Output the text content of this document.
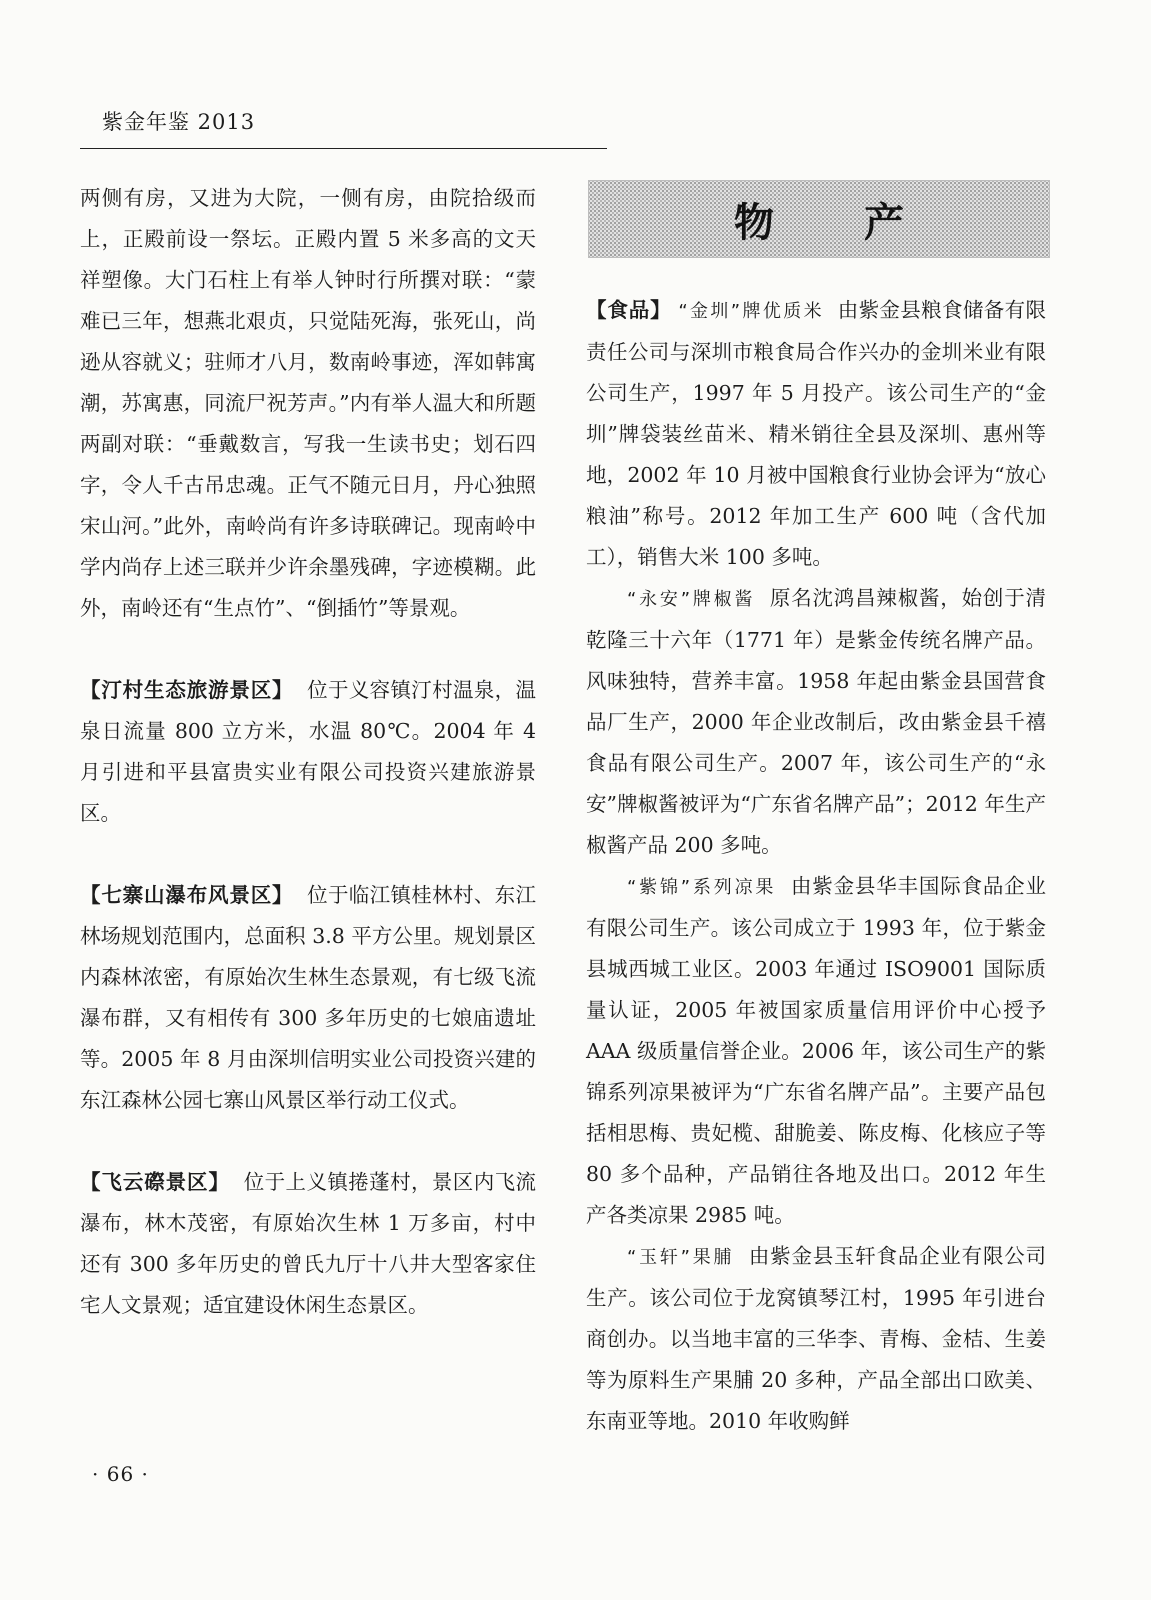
紫金年鉴 2013

两侧有房，又进为大院，一侧有房，由院拾级而上，正殿前设一祭坛。正殿内置 5 米多高的文天祥塑像。大门石柱上有举人钟时行所撰对联：“蒙难已三年，想燕北艰贞，只觉陆死海，张死山，尚逊从容就义；驻师才八月，数南岭事迹，浑如韩寓潮，苏寓惠，同流尸祝芳声。”内有举人温大和所题两副对联：“垂戴数言，写我一生读书史；划石四字，令人千古吊忠魂。正气不随元日月，丹心独照宋山河。”此外，南岭尚有许多诗联碑记。现南岭中学内尚存上述三联并少许余墨残碑，字迹模糊。此外，南岭还有“生点竹”、“倒插竹”等景观。

【汀村生态旅游景区】 位于义容镇汀村温泉，温泉日流量 800 立方米，水温 80℃。2004 年 4 月引进和平县富贵实业有限公司投资兴建旅游景区。

【七寨山瀑布风景区】 位于临江镇桂林村、东江林场规划范围内，总面积 3.8 平方公里。规划景区内森林浓密，有原始次生林生态景观，有七级飞流瀑布群，又有相传有 300 多年历史的七娘庙遗址等。2005 年 8 月由深圳信明实业公司投资兴建的东江森林公园七寨山风景区举行动工仪式。

【飞云磜景区】 位于上义镇捲蓬村，景区内飞流瀑布，林木茂密，有原始次生林 1 万多亩，村中还有 300 多年历史的曾氏九厅十八井大型客家住宅人文景观；适宜建设休闲生态景区。

物产

【食品】 “金圳”牌优质米 由紫金县粮食储备有限责任公司与深圳市粮食局合作兴办的金圳米业有限公司生产，1997 年 5 月投产。该公司生产的“金圳”牌袋装丝苗米、精米销往全县及深圳、惠州等地，2002 年 10 月被中国粮食行业协会评为“放心粮油”称号。2012 年加工生产 600 吨（含代加工），销售大米 100 多吨。

“永安”牌椒酱 原名沈鸿昌辣椒酱，始创于清乾隆三十六年（1771 年）是紫金传统名牌产品。风味独特，营养丰富。1958 年起由紫金县国营食品厂生产，2000 年企业改制后，改由紫金县千禧食品有限公司生产。2007 年，该公司生产的“永安”牌椒酱被评为“广东省名牌产品”；2012 年生产椒酱产品 200 多吨。

“紫锦”系列凉果 由紫金县华丰国际食品企业有限公司生产。该公司成立于 1993 年，位于紫金县城西城工业区。2003 年通过 ISO9001 国际质量认证，2005 年被国家质量信用评价中心授予 AAA 级质量信誉企业。2006 年，该公司生产的紫锦系列凉果被评为“广东省名牌产品”。主要产品包括相思梅、贵妃榄、甜脆姜、陈皮梅、化核应子等 80 多个品种，产品销往各地及出口。2012 年生产各类凉果 2985 吨。

“玉轩”果脯 由紫金县玉轩食品企业有限公司生产。该公司位于龙窝镇琴江村，1995 年引进台商创办。以当地丰富的三华李、青梅、金桔、生姜等为原料生产果脯 20 多种，产品全部出口欧美、东南亚等地。2010 年收购鲜

· 66 ·
